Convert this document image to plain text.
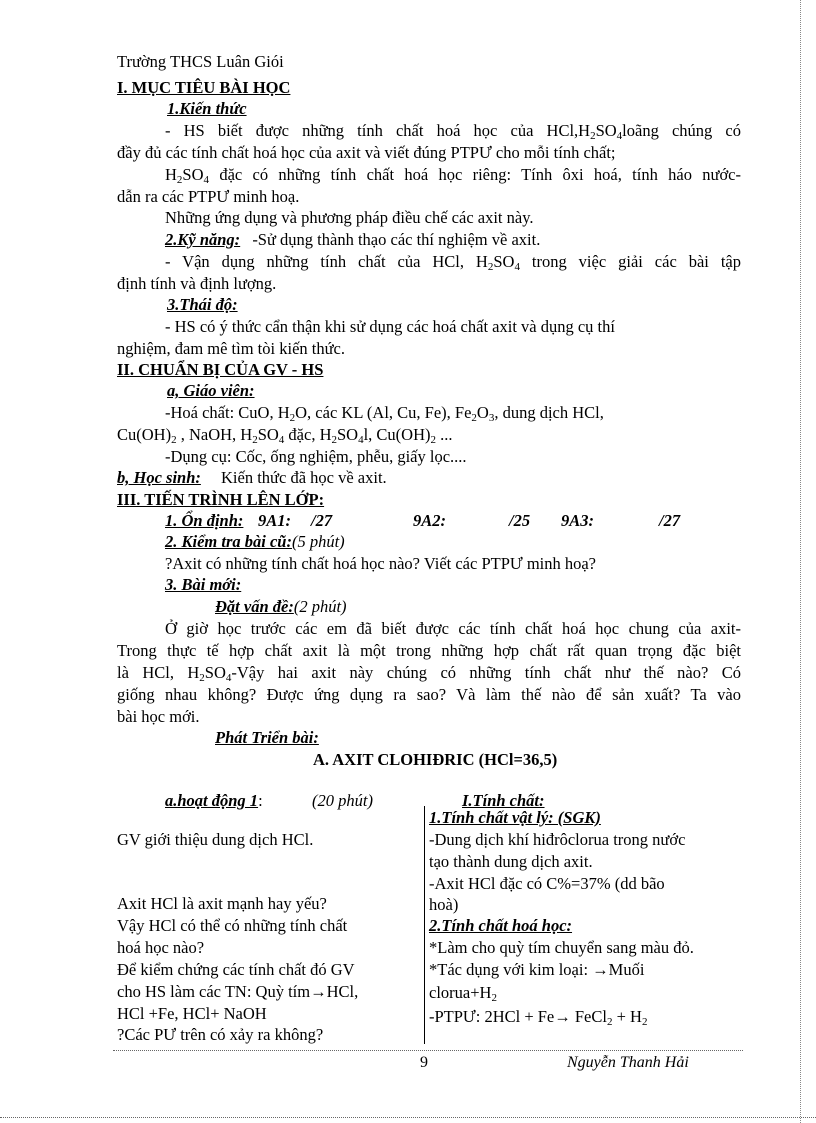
Trường THCS Luân Giói
I. MỤC TIÊU BÀI HỌC
1.Kiến thức
- HS biết được những tính chất hoá học của $HCl,H_2SO_4loãng$ chúng có
đầy đủ các tính chất hoá học của axit và viết đúng PTPƯ cho mỗi tính chất;
$H_2SO_4$ đặc có những tính chất hoá học riêng: Tính ôxi hoá, tính háo nước-
dẫn ra các PTPƯ minh hoạ.
Những ứng dụng và phương pháp điều chế các axit này.
2.Kỹ năng: -Sử dụng thành thạo các thí nghiệm về axit.
- Vận dụng những tính chất của HCl, $H_2SO_4$ trong việc giải các bài tập
định tính và định lượng.
3.Thái độ:
- HS có ý thức cẩn thận khi sử dụng các hoá chất axit và dụng cụ thí
nghiệm, đam mê tìm tòi kiến thức.
II. CHUẨN BỊ CỦA GV - HS
a, Giáo viên:
-Hoá chất: CuO, $H_2O$, các KL (Al, Cu, Fe), $Fe_2O_3$, dung dịch HCl,
$Cu(OH)_2$ , NaOH, $H_2SO_4$ đặc, $H_2SO_4l$, $Cu(OH)_2$ ...
-Dụng cụ: Cốc, ống nghiệm, phễu, giấy lọc....
b, Học sinh: Kiến thức đã học về axit.
III. TIẾN TRÌNH LÊN LỚP:
1. Ổn định: 9A1: /27	9A2:	/25 9A3:	/27
2. Kiểm tra bài cũ:(5 phút)
?Axit có những tính chất hoá học nào? Viết các PTPƯ minh hoạ?
3. Bài mới:
Đặt vấn đề:(2 phút)
Ở giờ học trước các em đã biết được các tính chất hoá học chung của axit-
Trong thực tế hợp chất axit là một trong những hợp chất rất quan trọng đặc biệt
là HCl, $H_2SO_4$-Vậy hai axit này chúng có những tính chất như thế nào? Có
giống nhau không? Được ứng dụng ra sao? Và làm thế nào để sản xuất? Ta vào
bài học mới.
Phát Triển bài:
A. AXIT CLOHIĐRIC (HCl=36,5)
a.hoạt động 1:	(20 phút)	I.Tính chất:
GV giới thiệu dung dịch HCl.
Axit HCl là axit mạnh hay yếu?
Vậy HCl có thể có những tính chất
hoá học nào?
Để kiểm chứng các tính chất đó GV
cho HS làm các TN: Quỳ tím→HCl,
HCl +Fe, HCl+ NaOH
?Các PƯ trên có xảy ra không?
1.Tính chất vật lý: (SGK)
-Dung dịch khí hiđrôclorua trong nước
tạo thành dung dịch axit.
-Axit HCl đặc có C%=37% (dd bão
hoà)
2.Tính chất hoá học:
*Làm cho quỳ tím chuyển sang màu đỏ.
*Tác dụng với kim loại: →Muối
$clorua+H_2$
-PTPƯ: 2HCl + Fe→ FeCl$_2$ + $H_2$
9	Nguyễn Thanh Hải
